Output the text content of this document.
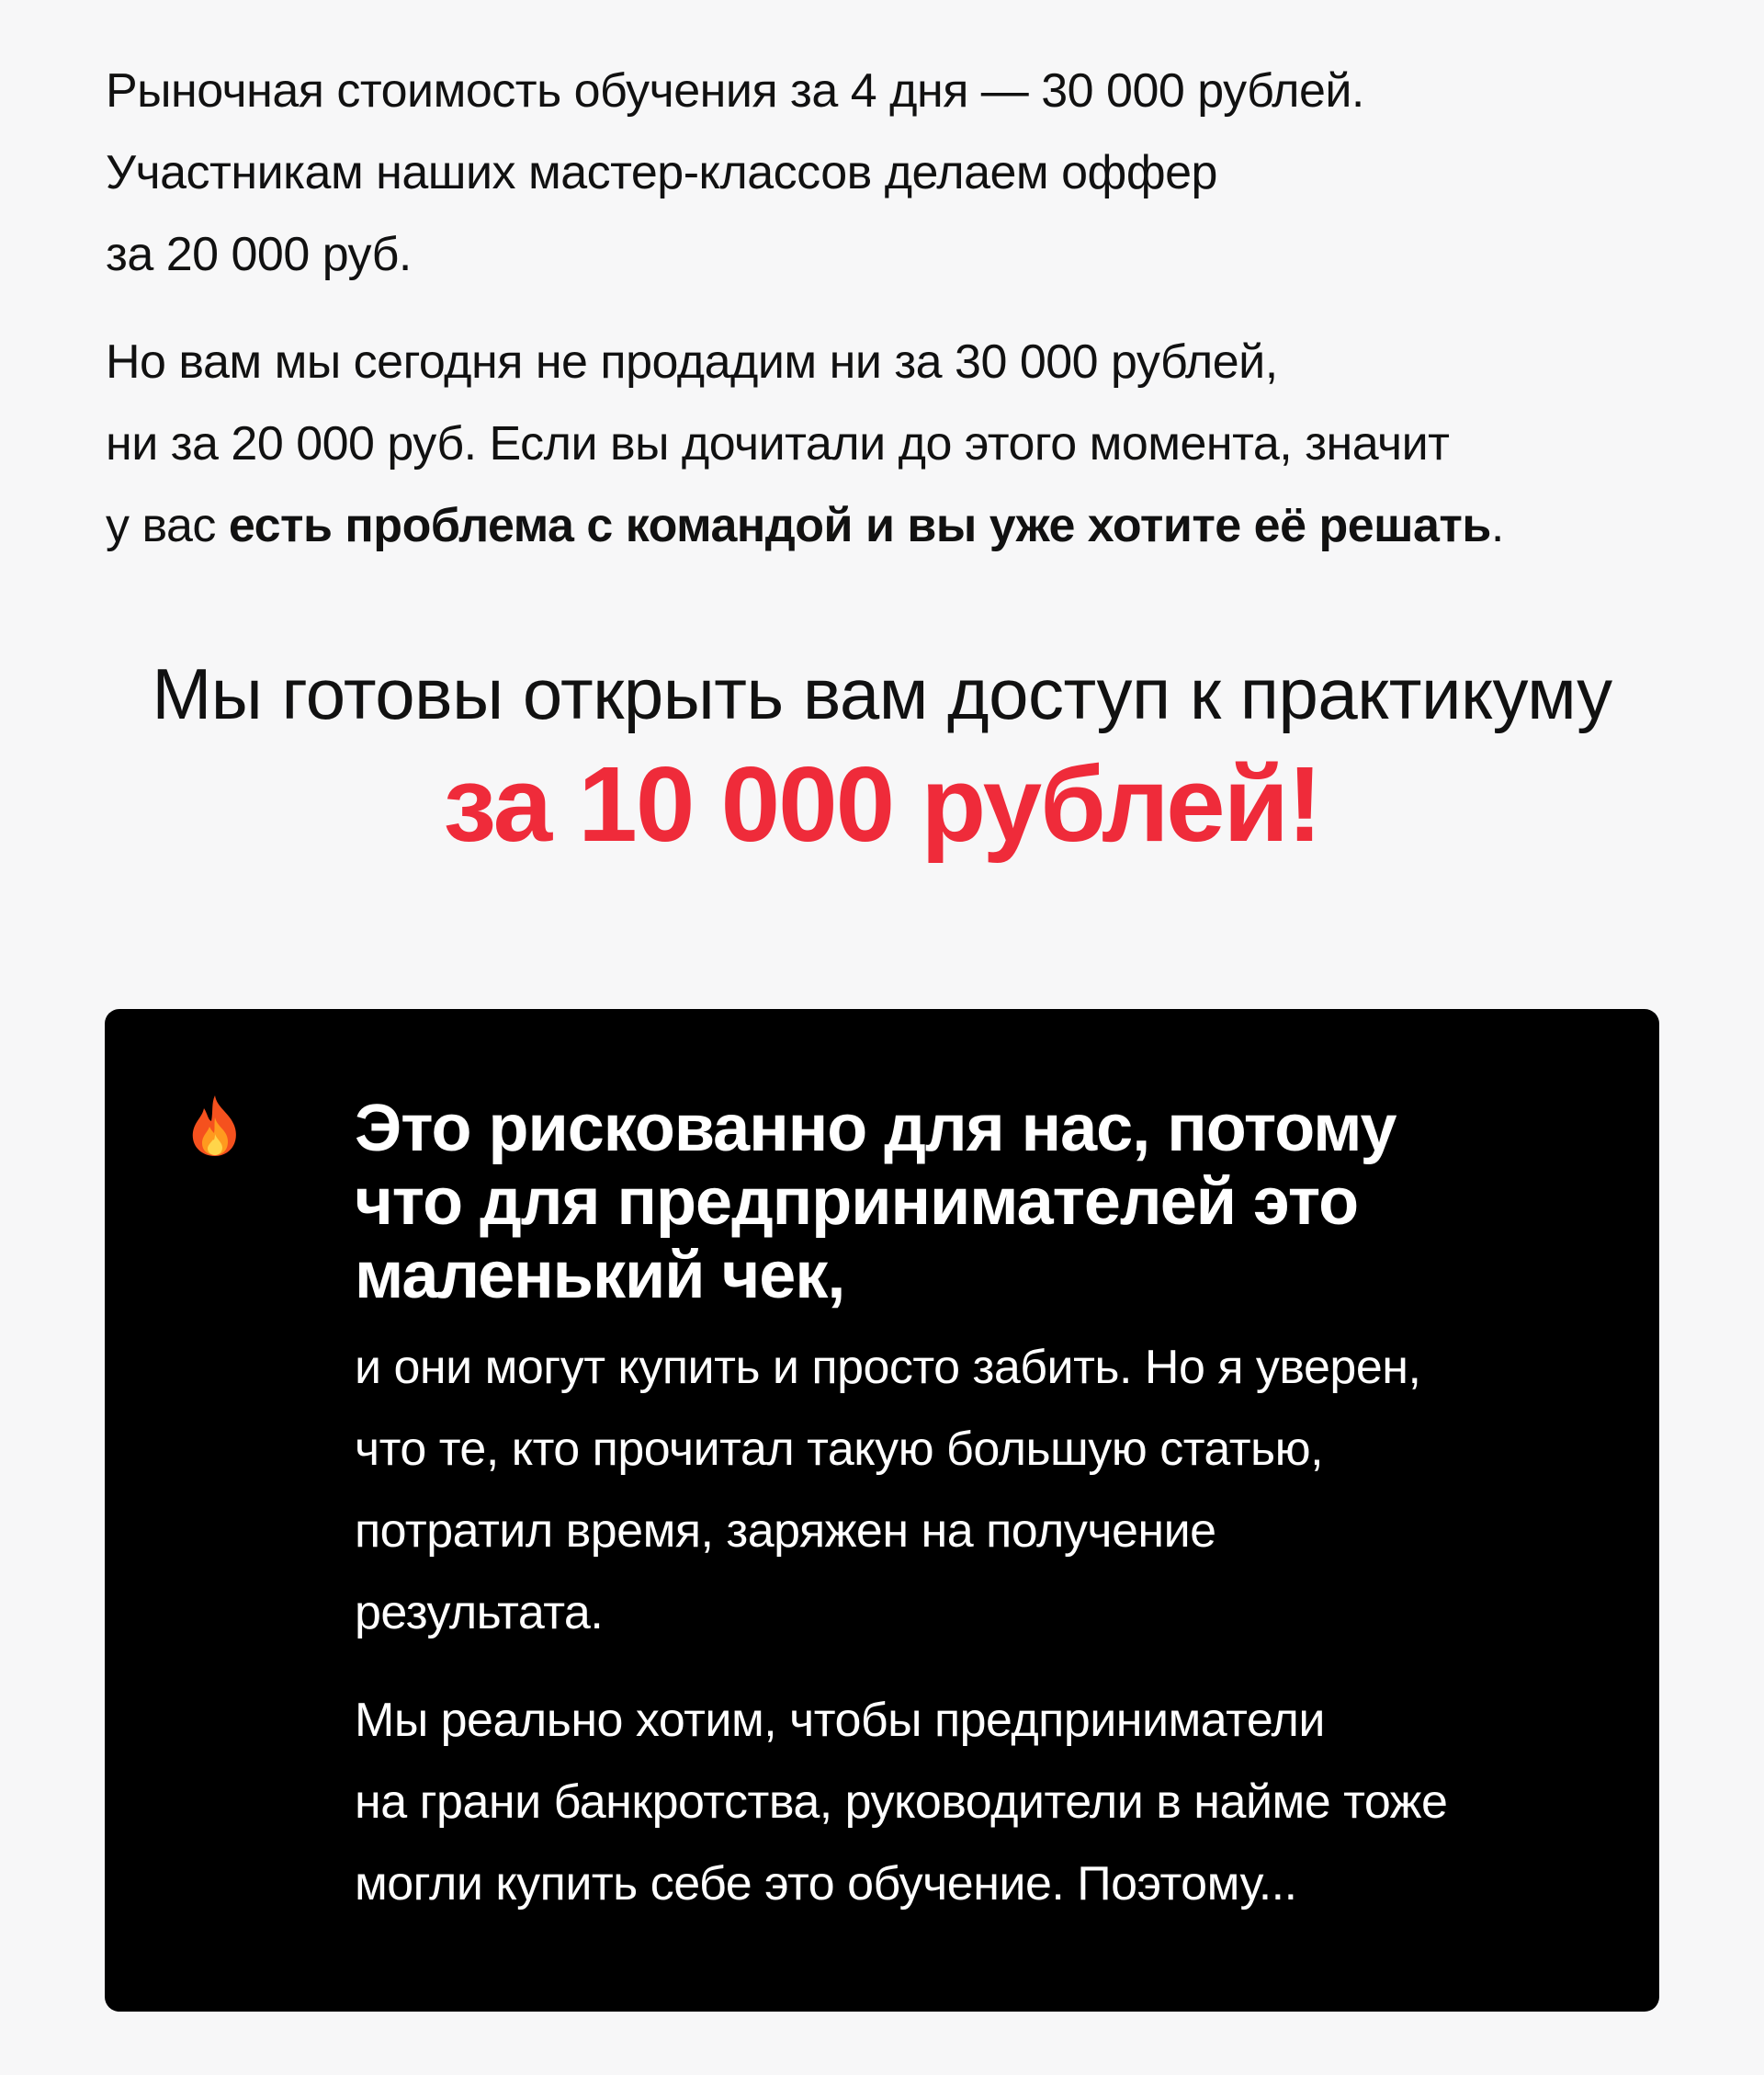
Рыночная стоимость обучения за 4 дня — 30 000 рублей.
Участникам наших мастер-классов делаем оффер
за 20 000 руб.

Но вам мы сегодня не продадим ни за 30 000 рублей,
ни за 20 000 руб. Если вы дочитали до этого момента, значит
у вас есть проблема с командой и вы уже хотите её решать.

Мы готовы открыть вам доступ к практикуму
за 10 000 рублей!
Это рискованно для нас, потому
что для предпринимателей это
маленький чек,

и они могут купить и просто забить. Но я уверен,
что те, кто прочитал такую большую статью,
потратил время, заряжен на получение
результата.

Мы реально хотим, чтобы предприниматели
на грани банкротства, руководители в найме тоже
могли купить себе это обучение. Поэтому...
